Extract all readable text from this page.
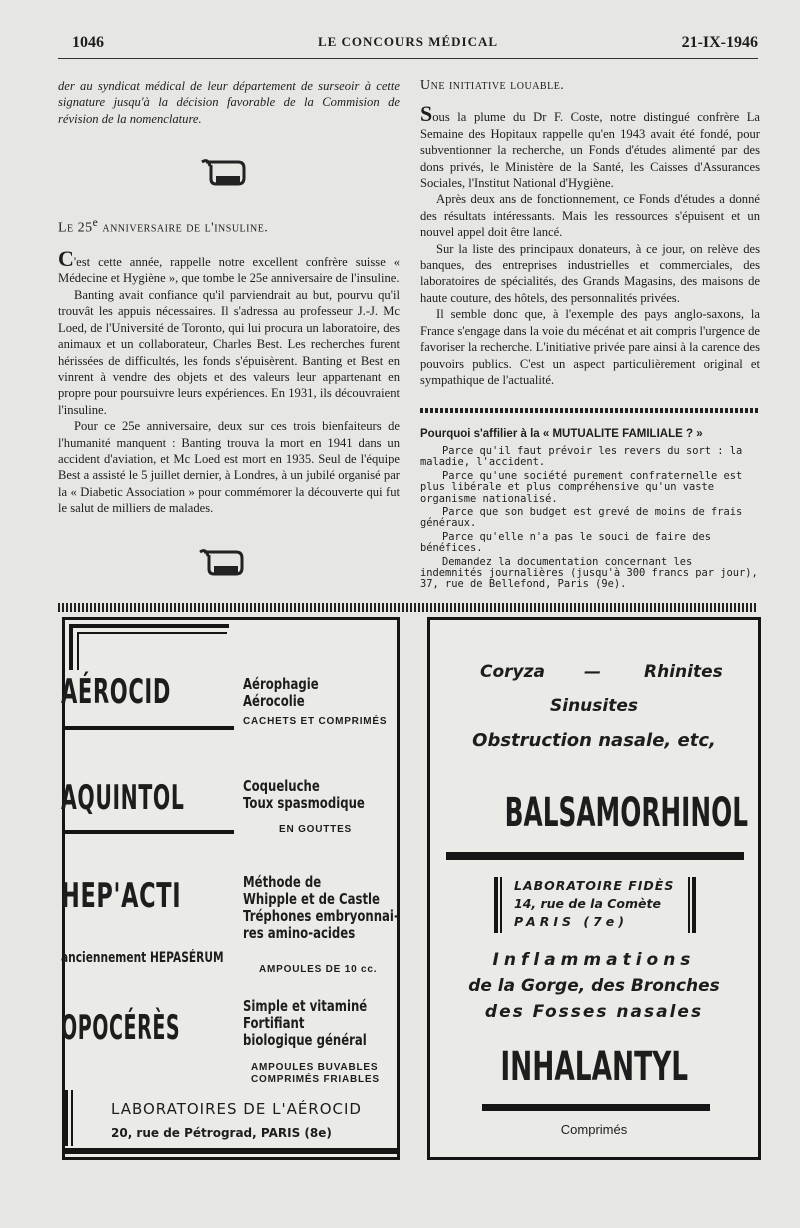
1046	LE CONCOURS MÉDICAL	21-IX-1946

der au syndicat médical de leur département de surseoir à cette signature jusqu'à la décision favorable de la Commision de révision de la nomenclature.

Le 25e anniversaire de l'insuline.

C'est cette année, rappelle notre excellent confrère suisse « Médecine et Hygiène », que tombe le 25e anniversaire de l'insuline.

Banting avait confiance qu'il parviendrait au but, pourvu qu'il trouvât les appuis nécessaires. Il s'adressa au professeur J.-J. Mc Loed, de l'Université de Toronto, qui lui procura un laboratoire, des animaux et un collaborateur, Charles Best. Les recherches furent hérissées de difficultés, les fonds s'épuisèrent. Banting et Best en vinrent à vendre des objets et des valeurs leur appartenant en propre pour poursuivre leurs expériences. En 1931, ils découvraient l'insuline.

Pour ce 25e anniversaire, deux sur ces trois bienfaiteurs de l'humanité manquent : Banting trouva la mort en 1941 dans un accident d'aviation, et Mc Loed est mort en 1935. Seul de l'équipe Best a assisté le 5 juillet dernier, à Londres, à un jubilé organisé par la « Diabetic Association » pour commémorer la découverte qui fut le salut de milliers de malades.

Une initiative louable.

Sous la plume du Dr F. Coste, notre distingué confrère La Semaine des Hopitaux rappelle qu'en 1943 avait été fondé, pour subventionner la recherche, un Fonds d'études alimenté par des dons privés, le Ministère de la Santé, les Caisses d'Assurances Sociales, l'Institut National d'Hygiène.

Après deux ans de fonctionnement, ce Fonds d'études a donné des résultats intéressants. Mais les ressources s'épuisent et un nouvel appel doit être lancé.

Sur la liste des principaux donateurs, à ce jour, on relève des banques, des entreprises industrielles et commerciales, des laboratoires de spécialités, des Grands Magasins, des maisons de haute couture, des hôtels, des personnalités privées.

Il semble donc que, à l'exemple des pays anglo-saxons, la France s'engage dans la voie du mécénat et ait compris l'urgence de favoriser la recherche. L'initiative privée pare ainsi à la carence des pouvoirs publics. C'est un aspect particulièrement original et sympathique de l'actualité.

Pourquoi s'affilier à la « MUTUALITE FAMILIALE ? »

Parce qu'il faut prévoir les revers du sort : la maladie, l'accident.

Parce qu'une société purement confraternelle est plus libérale et plus compréhensive qu'un vaste organisme nationalisé.

Parce que son budget est grevé de moins de frais généraux.

Parce qu'elle n'a pas le souci de faire des bénéfices.

Demandez la documentation concernant les indemnités journalières (jusqu'à 300 francs par jour), 37, rue de Bellefond, Paris (9e).

AÉROCID	Aérophagie
Aérocolie
CACHETS ET COMPRIMÉS
AQUINTOL	Coqueluche
Toux spasmodique
EN GOUTTES
HEP'ACTI
anciennement HEPASÉRUM
Méthode de
Whipple et de Castle
Tréphones embryonnai-
res amino-acides
AMPOULES DE 10 cc.
OPOCÉRÈS
Simple et vitaminé
Fortifiant
biologique général
AMPOULES BUVABLES
COMPRIMÉS FRIABLES
LABORATOIRES DE L'AÉROCID
20, rue de Pétrograd, PARIS (8e)
Coryza —	Rhinites
Sinusites
Obstruction nasale, etc,
BALSAMORHINOL
LABORATOIRE FIDÈS
14, rue de la Comète
PARIS (7e)
Inflammations
de la Gorge, des Bronches
des Fosses nasales
INHALANTYL
Comprimés
